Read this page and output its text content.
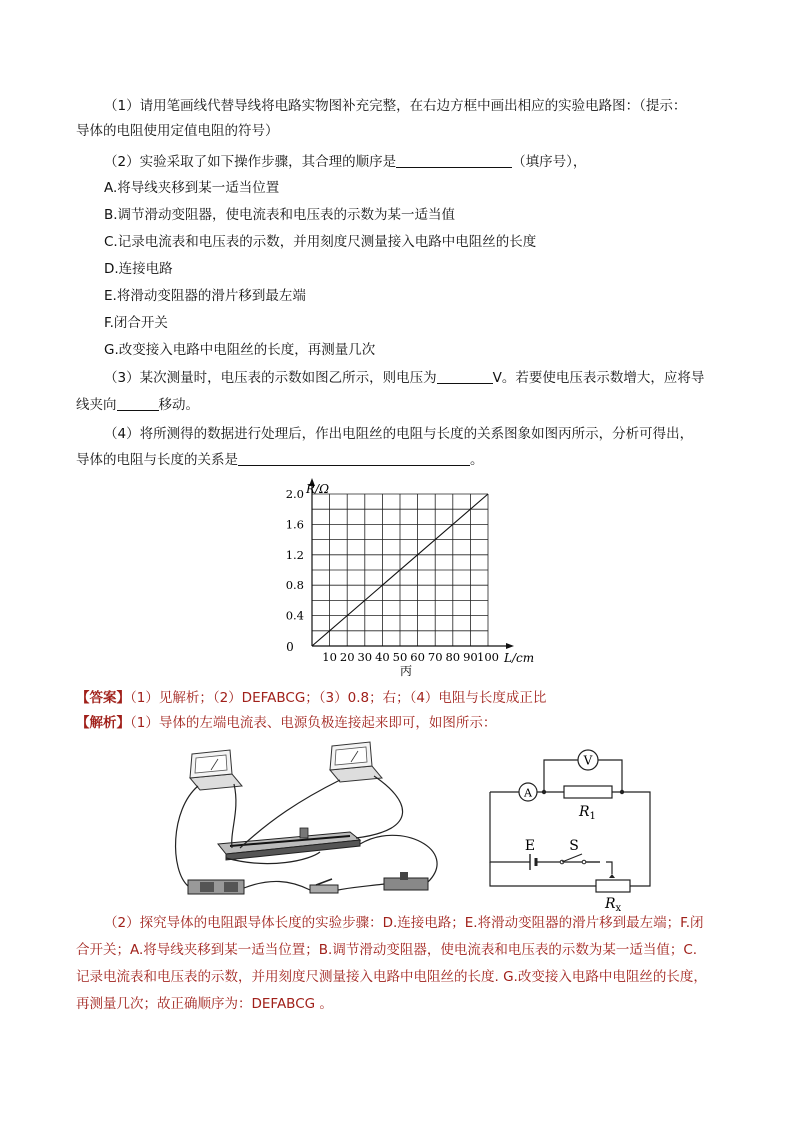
（1）请用笔画线代替导线将电路实物图补充完整，在右边方框中画出相应的实验电路图：（提示：
导体的电阻使用定值电阻的符号）
（2）实验采取了如下操作步骤，其合理的顺序是	（填序号），
A.将导线夹移到某一适当位置
B.调节滑动变阻器，使电流表和电压表的示数为某一适当值
C.记录电流表和电压表的示数，并用刻度尺测量接入电路中电阻丝的长度
D.连接电路
E.将滑动变阻器的滑片移到最左端
F.闭合开关
G.改变接入电路中电阻丝的长度，再测量几次
（3）某次测量时，电压表的示数如图乙所示，则电压为	V。若要使电压表示数增大，应将导
线夹向	移动。
（4）将所测得的数据进行处理后，作出电阻丝的电阻与长度的关系图象如图丙所示，分析可得出，
导体的电阻与长度的关系是	。
10 20 30 40 50 60 70 80 90 100
0.4
0.8
1.2
1.6
2.0 R/Ω
L/cm
丙
0
【答案】（1）见解析；（2）DEFABCG；（3）0.8；右；（4）电阻与长度成正比
【解析】（1）导体的左端电流表、电源负极连接起来即可，如图所示：
V
A
$R_1$
E S
$R_x$
（2）探究导体的电阻跟导体长度的实验步骤：D.连接电路；E.将滑动变阻器的滑片移到最左端；F.闭
合开关；A.将导线夹移到某一适当位置；B.调节滑动变阻器，使电流表和电压表的示数为某一适当值；C.
记录电流表和电压表的示数，并用刻度尺测量接入电路中电阻丝的长度. G.改变接入电路中电阻丝的长度，
再测量几次；故正确顺序为：DEFABCG 。
